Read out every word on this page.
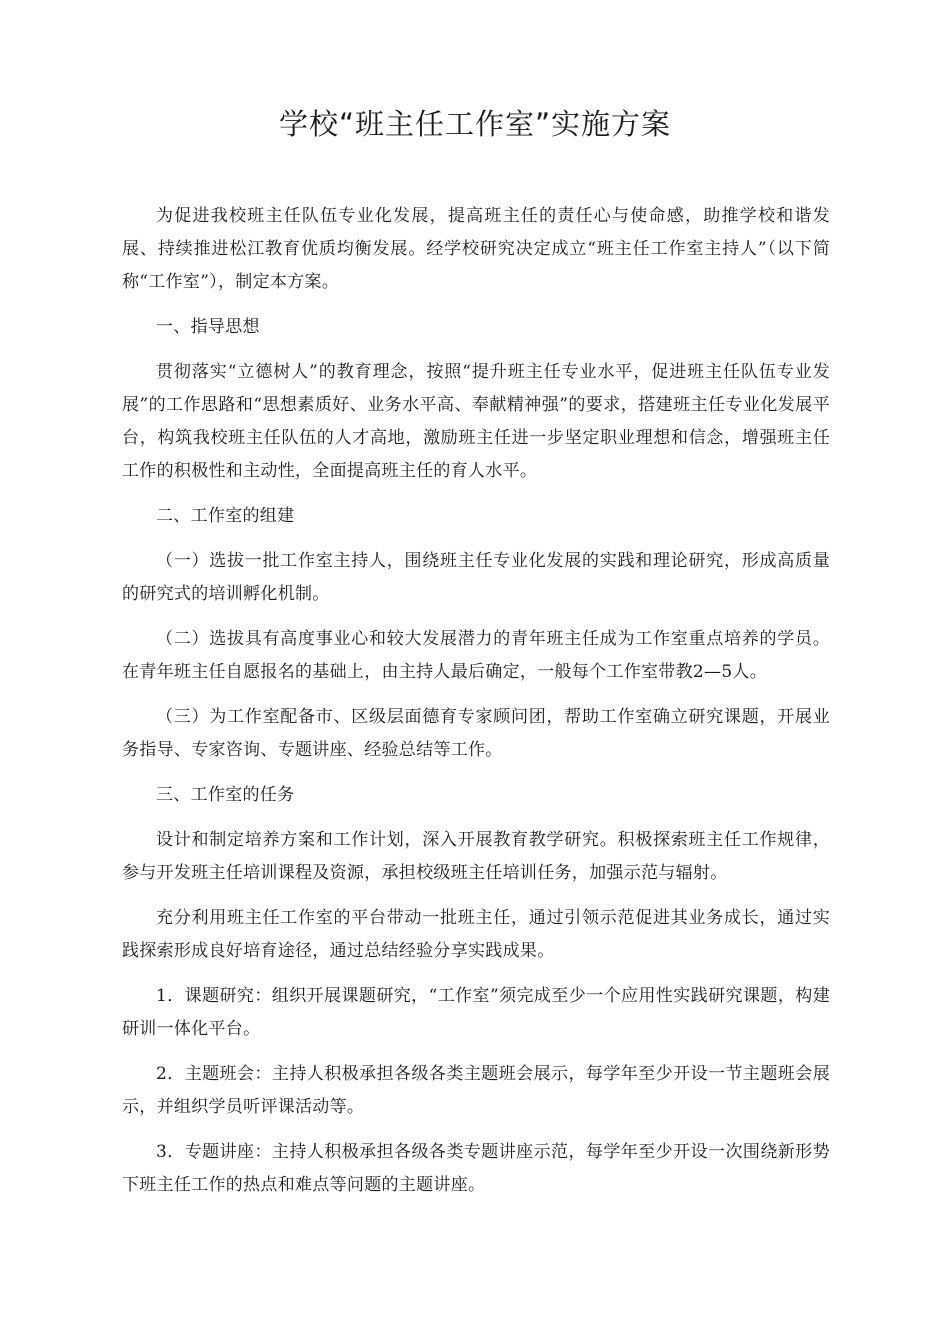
学校“班主任工作室”实施方案

为促进我校班主任队伍专业化发展，提高班主任的责任心与使命感，助推学校和谐发展、持续推进松江教育优质均衡发展。经学校研究决定成立“班主任工作室主持人”（以下简称“工作室”），制定本方案。

一、指导思想

贯彻落实“立德树人”的教育理念，按照“提升班主任专业水平，促进班主任队伍专业发展”的工作思路和“思想素质好、业务水平高、奉献精神强”的要求，搭建班主任专业化发展平台，构筑我校班主任队伍的人才高地，激励班主任进一步坚定职业理想和信念，增强班主任工作的积极性和主动性，全面提高班主任的育人水平。

二、工作室的组建

（一）选拔一批工作室主持人，围绕班主任专业化发展的实践和理论研究，形成高质量的研究式的培训孵化机制。

（二）选拔具有高度事业心和较大发展潜力的青年班主任成为工作室重点培养的学员。在青年班主任自愿报名的基础上，由主持人最后确定，一般每个工作室带教2—5人。

（三）为工作室配备市、区级层面德育专家顾问团，帮助工作室确立研究课题，开展业务指导、专家咨询、专题讲座、经验总结等工作。

三、工作室的任务

设计和制定培养方案和工作计划，深入开展教育教学研究。积极探索班主任工作规律，参与开发班主任培训课程及资源，承担校级班主任培训任务，加强示范与辐射。

充分利用班主任工作室的平台带动一批班主任，通过引领示范促进其业务成长，通过实践探索形成良好培育途径，通过总结经验分享实践成果。

1．课题研究：组织开展课题研究，“工作室”须完成至少一个应用性实践研究课题，构建研训一体化平台。

2．主题班会：主持人积极承担各级各类主题班会展示，每学年至少开设一节主题班会展示，并组织学员听评课活动等。

3．专题讲座：主持人积极承担各级各类专题讲座示范，每学年至少开设一次围绕新形势下班主任工作的热点和难点等问题的主题讲座。
